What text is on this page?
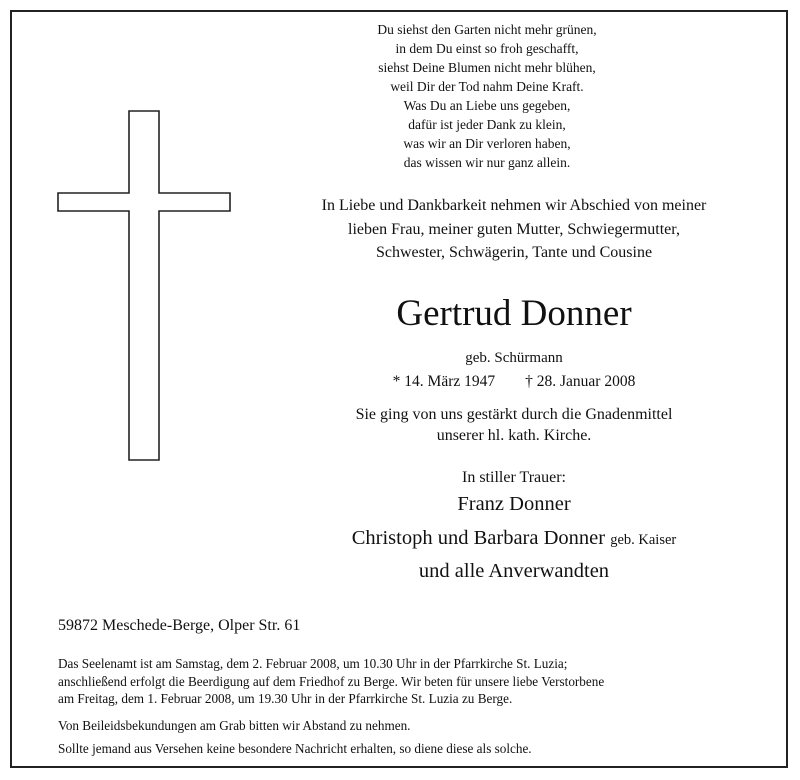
Du siehst den Garten nicht mehr grünen,
in dem Du einst so froh geschafft,
siehst Deine Blumen nicht mehr blühen,
weil Dir der Tod nahm Deine Kraft.
Was Du an Liebe uns gegeben,
dafür ist jeder Dank zu klein,
was wir an Dir verloren haben,
das wissen wir nur ganz allein.
In Liebe und Dankbarkeit nehmen wir Abschied von meiner
lieben Frau, meiner guten Mutter, Schwiegermutter,
Schwester, Schwägerin, Tante und Cousine
Gertrud Donner
geb. Schürmann
* 14. März 1947 † 28. Januar 2008
Sie ging von uns gestärkt durch die Gnadenmittel
unserer hl. kath. Kirche.
In stiller Trauer:
Franz Donner
Christoph und Barbara Donner geb. Kaiser
und alle Anverwandten
59872 Meschede-Berge, Olper Str. 61
Das Seelenamt ist am Samstag, dem 2. Februar 2008, um 10.30 Uhr in der Pfarrkirche St. Luzia;
anschließend erfolgt die Beerdigung auf dem Friedhof zu Berge. Wir beten für unsere liebe Verstorbene
am Freitag, dem 1. Februar 2008, um 19.30 Uhr in der Pfarrkirche St. Luzia zu Berge.
Von Beileidsbekundungen am Grab bitten wir Abstand zu nehmen.
Sollte jemand aus Versehen keine besondere Nachricht erhalten, so diene diese als solche.
